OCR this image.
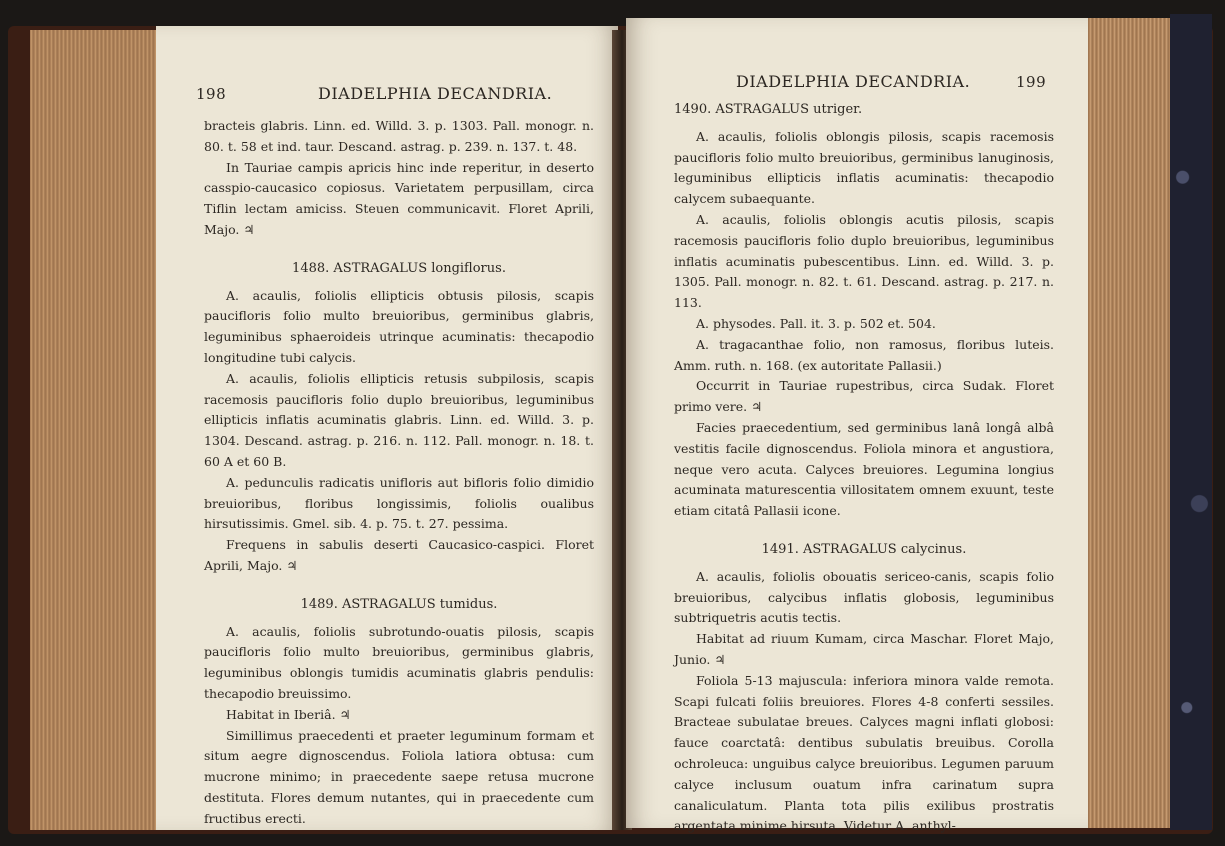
198	DIADELPHIA DECANDRIA.

bracteis glabris. Linn. ed. Willd. 3. p. 1303. Pall. monogr. n. 80. t. 58 et ind. taur. Descand. astrag. p. 239. n. 137. t. 48.

In Tauriae campis apricis hinc inde reperitur, in deserto casspio-caucasico copiosus. Varietatem perpusillam, circa Tiflin lectam amiciss. Steuen communicavit. Floret Aprili, Majo. ♃

1488. ASTRAGALUS longiflorus.

A. acaulis, foliolis ellipticis obtusis pilosis, scapis paucifloris folio multo breuioribus, germinibus glabris, leguminibus sphaeroideis utrinque acuminatis: thecapodio longitudine tubi calycis.

A. acaulis, foliolis ellipticis retusis subpilosis, scapis racemosis paucifloris folio duplo breuioribus, leguminibus ellipticis inflatis acuminatis glabris. Linn. ed. Willd. 3. p. 1304. Descand. astrag. p. 216. n. 112. Pall. monogr. n. 18. t. 60 A et 60 B.

A. pedunculis radicatis unifloris aut bifloris folio dimidio breuioribus, floribus longissimis, foliolis oualibus hirsutissimis. Gmel. sib. 4. p. 75. t. 27. pessima.

Frequens in sabulis deserti Caucasico-caspici. Floret Aprili, Majo. ♃

1489. ASTRAGALUS tumidus.

A. acaulis, foliolis subrotundo-ouatis pilosis, scapis paucifloris folio multo breuioribus, germinibus glabris, leguminibus oblongis tumidis acuminatis glabris pendulis: thecapodio breuissimo.

Habitat in Iberiâ. ♃

Simillimus praecedenti et praeter leguminum formam et situm aegre dignoscendus. Foliola latiora obtusa: cum mucrone minimo; in praecedente saepe retusa mucrone destituta. Flores demum nutantes, qui in praecedente cum fructibus erecti.

DIADELPHIA DECANDRIA.	199

1490. ASTRAGALUS utriger.

A. acaulis, foliolis oblongis pilosis, scapis racemosis paucifloris folio multo breuioribus, germinibus lanuginosis, leguminibus ellipticis inflatis acuminatis: thecapodio calycem subaequante.

A. acaulis, foliolis oblongis acutis pilosis, scapis racemosis paucifloris folio duplo breuioribus, leguminibus inflatis acuminatis pubescentibus. Linn. ed. Willd. 3. p. 1305. Pall. monogr. n. 82. t. 61. Descand. astrag. p. 217. n. 113.

A. physodes. Pall. it. 3. p. 502 et. 504.

A. tragacanthae folio, non ramosus, floribus luteis. Amm. ruth. n. 168. (ex autoritate Pallasii.)

Occurrit in Tauriae rupestribus, circa Sudak. Floret primo vere. ♃

Facies praecedentium, sed germinibus lanâ longâ albâ vestitis facile dignoscendus. Foliola minora et angustiora, neque vero acuta. Calyces breuiores. Legumina longius acuminata maturescentia villositatem omnem exuunt, teste etiam citatâ Pallasii icone.

1491. ASTRAGALUS calycinus.

A. acaulis, foliolis obouatis sericeo-canis, scapis folio breuioribus, calycibus inflatis globosis, leguminibus subtriquetris acutis tectis.

Habitat ad riuum Kumam, circa Maschar. Floret Majo, Junio. ♃

Foliola 5-13 majuscula: inferiora minora valde remota. Scapi fulcati foliis breuiores. Flores 4-8 conferti sessiles. Bracteae subulatae breues. Calyces magni inflati globosi: fauce coarctatâ: dentibus subulatis breuibus. Corolla ochroleuca: unguibus calyce breuioribus. Legumen paruum calyce inclusum ouatum infra carinatum supra canaliculatum. Planta tota pilis exilibus prostratis argentata minime hirsuta. Videtur A. anthyl-
